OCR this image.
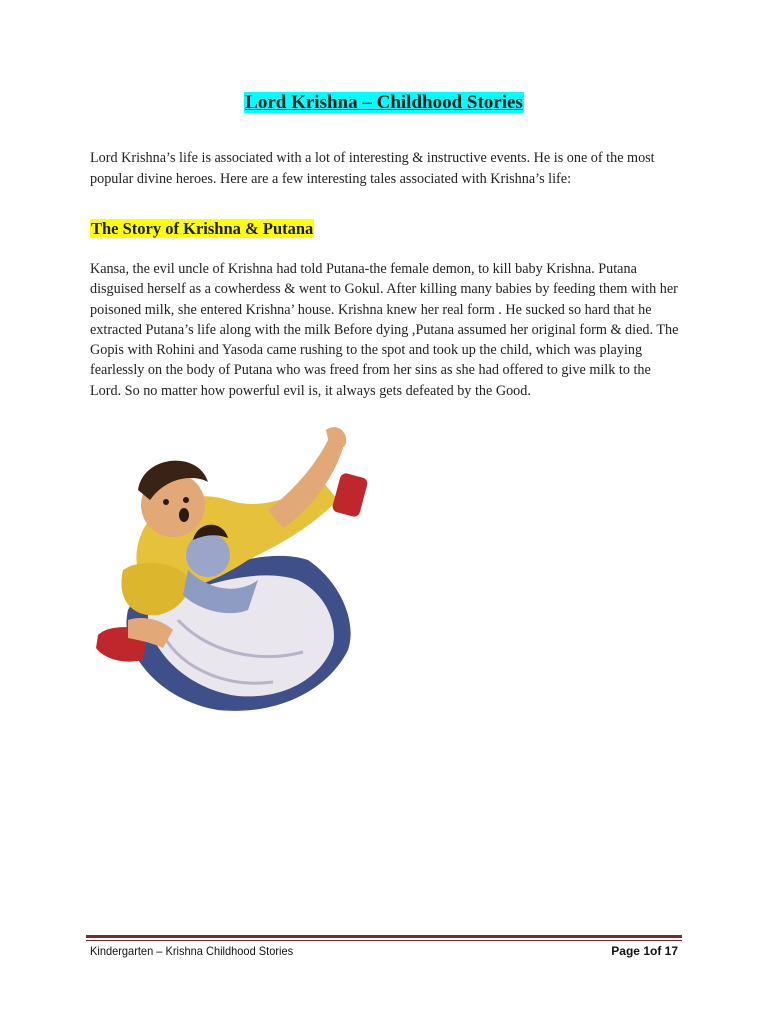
Lord Krishna – Childhood Stories

Lord Krishna’s life is associated with a lot of interesting & instructive events. He is one of the most popular divine heroes. Here are a few interesting tales associated with Krishna’s life:

The Story of Krishna & Putana

Kansa, the evil uncle of Krishna had told Putana-the female demon, to kill baby Krishna. Putana disguised herself as a cowherdess & went to Gokul. After killing many babies by feeding them with her poisoned milk, she entered Krishna’ house. Krishna knew her real form . He sucked so hard that he extracted Putana’s life along with the milk Before dying ,Putana assumed her original form & died. The Gopis with Rohini and Yasoda came rushing to the spot and took up the child, which was playing fearlessly on the body of Putana who was freed from her sins as she had offered to give milk to the Lord. So no matter how powerful evil is, it always gets defeated by the Good.

Kindergarten – Krishna Childhood Stories	Page 1of 17
